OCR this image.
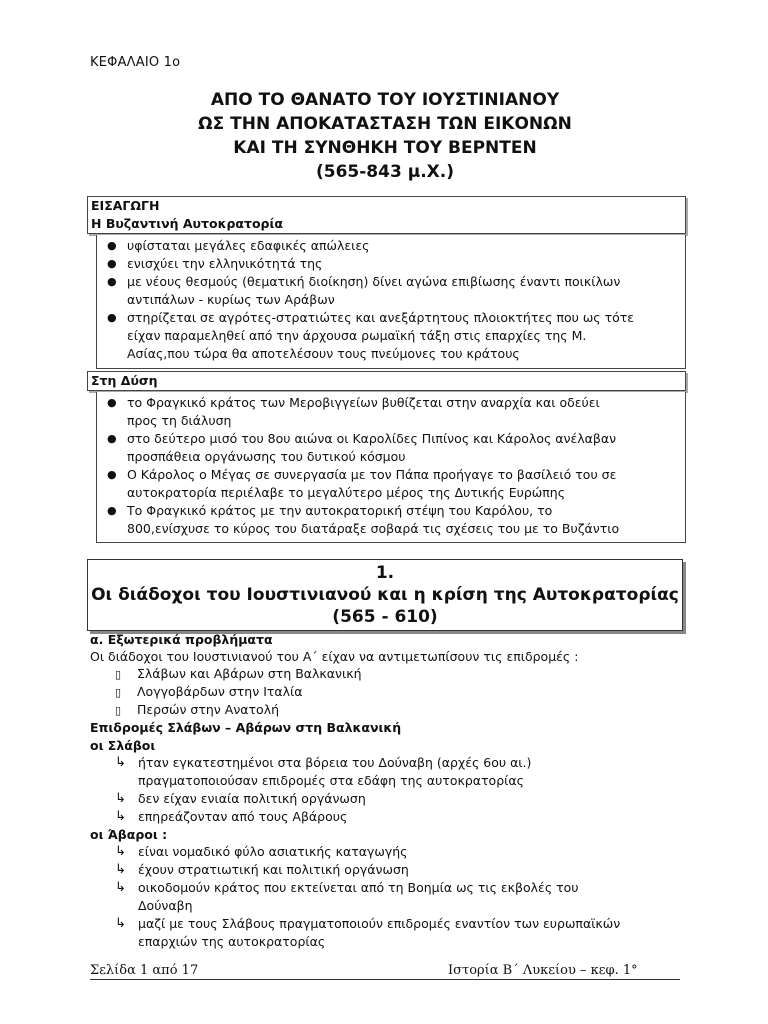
ΚΕΦΑΛΑΙΟ 1ο
ΑΠΟ ΤΟ ΘΑΝΑΤΟ ΤΟΥ ΙΟΥΣΤΙΝΙΑΝΟΥ
ΩΣ ΤΗΝ ΑΠΟΚΑΤΑΣΤΑΣΗ ΤΩΝ ΕΙΚΟΝΩΝ
ΚΑΙ ΤΗ ΣΥΝΘΗΚΗ ΤΟΥ ΒΕΡΝΤΕΝ
(565-843 μ.Χ.)
ΕΙΣΑΓΩΓΗ
Η Βυζαντινή Αυτοκρατορία
● υφίσταται μεγάλες εδαφικές απώλειες
● ενισχύει την ελληνικότητά της
● με νέους θεσμούς (θεματική διοίκηση) δίνει αγώνα επιβίωσης έναντι ποικίλων
αντιπάλων - κυρίως των Αράβων
● στηρίζεται σε αγρότες-στρατιώτες και ανεξάρτητους πλοιοκτήτες που ως τότε
είχαν παραμεληθεί από την άρχουσα ρωμαϊκή τάξη στις επαρχίες της Μ.
Ασίας,που τώρα θα αποτελέσουν τους πνεύμονες του κράτους
Στη Δύση
● το Φραγκικό κράτος των Μεροβιγγείων βυθίζεται στην αναρχία και οδεύει
προς τη διάλυση
● στο δεύτερο μισό του 8ου αιώνα οι Καρολίδες Πιπίνος και Κάρολος ανέλαβαν
προσπάθεια οργάνωσης του δυτικού κόσμου
● Ο Κάρολος ο Μέγας σε συνεργασία με τον Πάπα προήγαγε το βασίλειό του σε
αυτοκρατορία περιέλαβε το μεγαλύτερο μέρος της Δυτικής Ευρώπης
● Το Φραγκικό κράτος με την αυτοκρατορική στέψη του Καρόλου, το
800,ενίσχυσε το κύρος του διατάραξε σοβαρά τις σχέσεις του με το Βυζάντιο
1.
Οι διάδοχοι του Ιουστινιανού και η κρίση της Αυτοκρατορίας
(565 - 610)
α. Εξωτερικά προβλήματα
Οι διάδοχοι του Ιουστινιανού του Α΄ είχαν να αντιμετωπίσουν τις επιδρομές :
▯ Σλάβων και Αβάρων στη Βαλκανική
▯ Λογγοβάρδων στην Ιταλία
▯ Περσών στην Ανατολή
Επιδρομές Σλάβων – Αβάρων στη Βαλκανική
οι Σλάβοι
↳ ήταν εγκατεστημένοι στα βόρεια του Δούναβη (αρχές 6ου αι.)
πραγματοποιούσαν επιδρομές στα εδάφη της αυτοκρατορίας
↳ δεν είχαν ενιαία πολιτική οργάνωση
↳ επηρεάζονταν από τους Αβάρους
οι Άβαροι :
↳ είναι νομαδικό φύλο ασιατικής καταγωγής
↳ έχουν στρατιωτική και πολιτική οργάνωση
↳ οικοδομούν κράτος που εκτείνεται από τη Βοημία ως τις εκβολές του
Δούναβη
↳ μαζί με τους Σλάβους πραγματοποιούν επιδρομές εναντίον των ευρωπαϊκών
επαρχιών της αυτοκρατορίας
Σελίδα 1 από 17	Ιστορία Β΄ Λυκείου – κεφ. 1°
